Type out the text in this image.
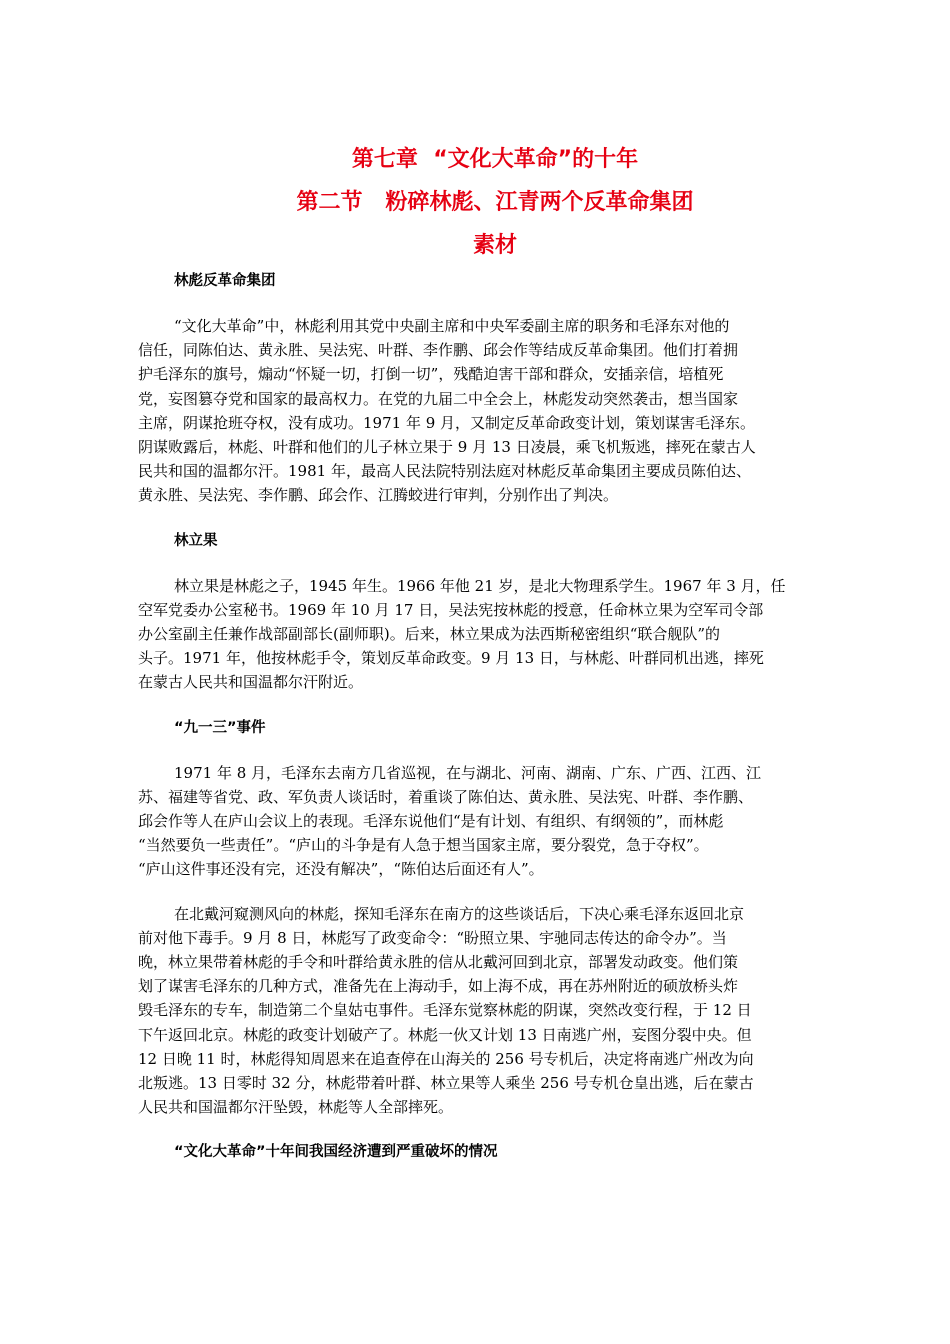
第七章  “文化大革命”的十年
第二节   粉碎林彪、江青两个反革命集团
素材
林彪反革命集团
“文化大革命”中，林彪利用其党中央副主席和中央军委副主席的职务和毛泽东对他的
信任，同陈伯达、黄永胜、吴法宪、叶群、李作鹏、邱会作等结成反革命集团。他们打着拥
护毛泽东的旗号，煽动“怀疑一切，打倒一切”，残酷迫害干部和群众，安插亲信，培植死
党，妄图篡夺党和国家的最高权力。在党的九届二中全会上，林彪发动突然袭击，想当国家
主席，阴谋抢班夺权，没有成功。1971 年 9 月，又制定反革命政变计划，策划谋害毛泽东。
阴谋败露后，林彪、叶群和他们的儿子林立果于 9 月 13 日凌晨，乘飞机叛逃，摔死在蒙古人
民共和国的温都尔汗。1981 年，最高人民法院特别法庭对林彪反革命集团主要成员陈伯达、
黄永胜、吴法宪、李作鹏、邱会作、江腾蛟进行审判，分别作出了判决。
林立果
林立果是林彪之子，1945 年生。1966 年他 21 岁，是北大物理系学生。1967 年 3 月，任
空军党委办公室秘书。1969 年 10 月 17 日，吴法宪按林彪的授意，任命林立果为空军司令部
办公室副主任兼作战部副部长(副师职)。后来，林立果成为法西斯秘密组织“联合舰队”的
头子。1971 年，他按林彪手令，策划反革命政变。9 月 13 日，与林彪、叶群同机出逃，摔死
在蒙古人民共和国温都尔汗附近。
“九一三”事件
1971 年 8 月，毛泽东去南方几省巡视，在与湖北、河南、湖南、广东、广西、江西、江
苏、福建等省党、政、军负责人谈话时，着重谈了陈伯达、黄永胜、吴法宪、叶群、李作鹏、
邱会作等人在庐山会议上的表现。毛泽东说他们“是有计划、有组织、有纲领的”，而林彪
“当然要负一些责任”。“庐山的斗争是有人急于想当国家主席，要分裂党，急于夺权”。
“庐山这件事还没有完，还没有解决”，“陈伯达后面还有人”。
在北戴河窥测风向的林彪，探知毛泽东在南方的这些谈话后，下决心乘毛泽东返回北京
前对他下毒手。9 月 8 日，林彪写了政变命令：“盼照立果、宇驰同志传达的命令办”。当
晚，林立果带着林彪的手令和叶群给黄永胜的信从北戴河回到北京，部署发动政变。他们策
划了谋害毛泽东的几种方式，准备先在上海动手，如上海不成，再在苏州附近的硕放桥头炸
毁毛泽东的专车，制造第二个皇姑屯事件。毛泽东觉察林彪的阴谋，突然改变行程，于 12 日
下午返回北京。林彪的政变计划破产了。林彪一伙又计划 13 日南逃广州，妄图分裂中央。但
12 日晚 11 时，林彪得知周恩来在追查停在山海关的 256 号专机后，决定将南逃广州改为向
北叛逃。13 日零时 32 分，林彪带着叶群、林立果等人乘坐 256 号专机仓皇出逃，后在蒙古
人民共和国温都尔汗坠毁，林彪等人全部摔死。
“文化大革命”十年间我国经济遭到严重破坏的情况
